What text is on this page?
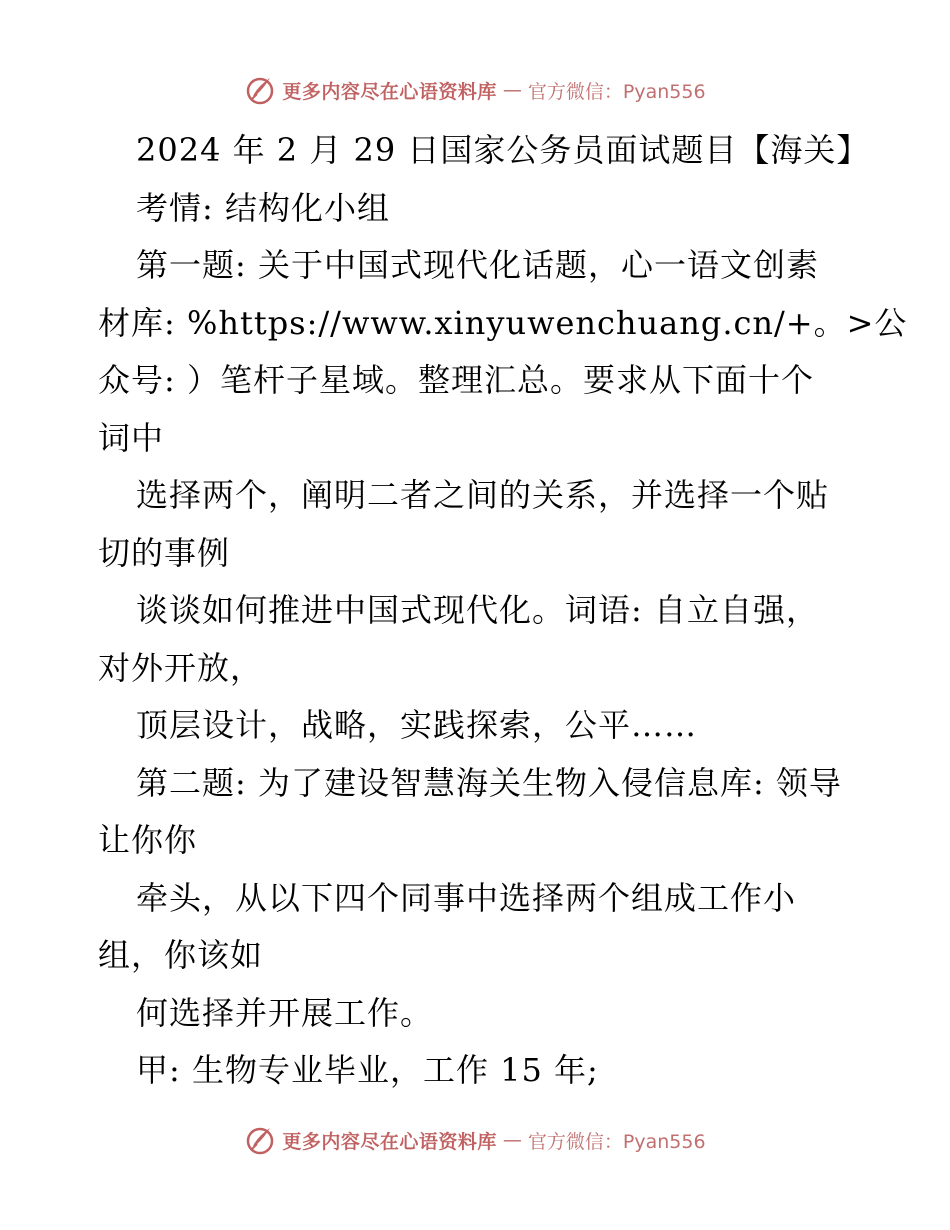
更多内容尽在心语资料库 — 官方微信：Pyan556
2024 年 2 月 29 日国家公务员面试题目【海关】
考情: 结构化小组
第一题: 关于中国式现代化话题，心一语文创素
材库: %https://www.xinyuwenchuang.cn/+。>公
众号: ）笔杆子星域。整理汇总。要求从下面十个
词中
选择两个，阐明二者之间的关系，并选择一个贴
切的事例
谈谈如何推进中国式现代化。词语: 自立自强，
对外开放，
顶层设计，战略，实践探索，公平……
第二题: 为了建设智慧海关生物入侵信息库: 领导
让你你
牵头，从以下四个同事中选择两个组成工作小
组，你该如
何选择并开展工作。
甲: 生物专业毕业，工作 15 年;
更多内容尽在心语资料库 — 官方微信：Pyan556
